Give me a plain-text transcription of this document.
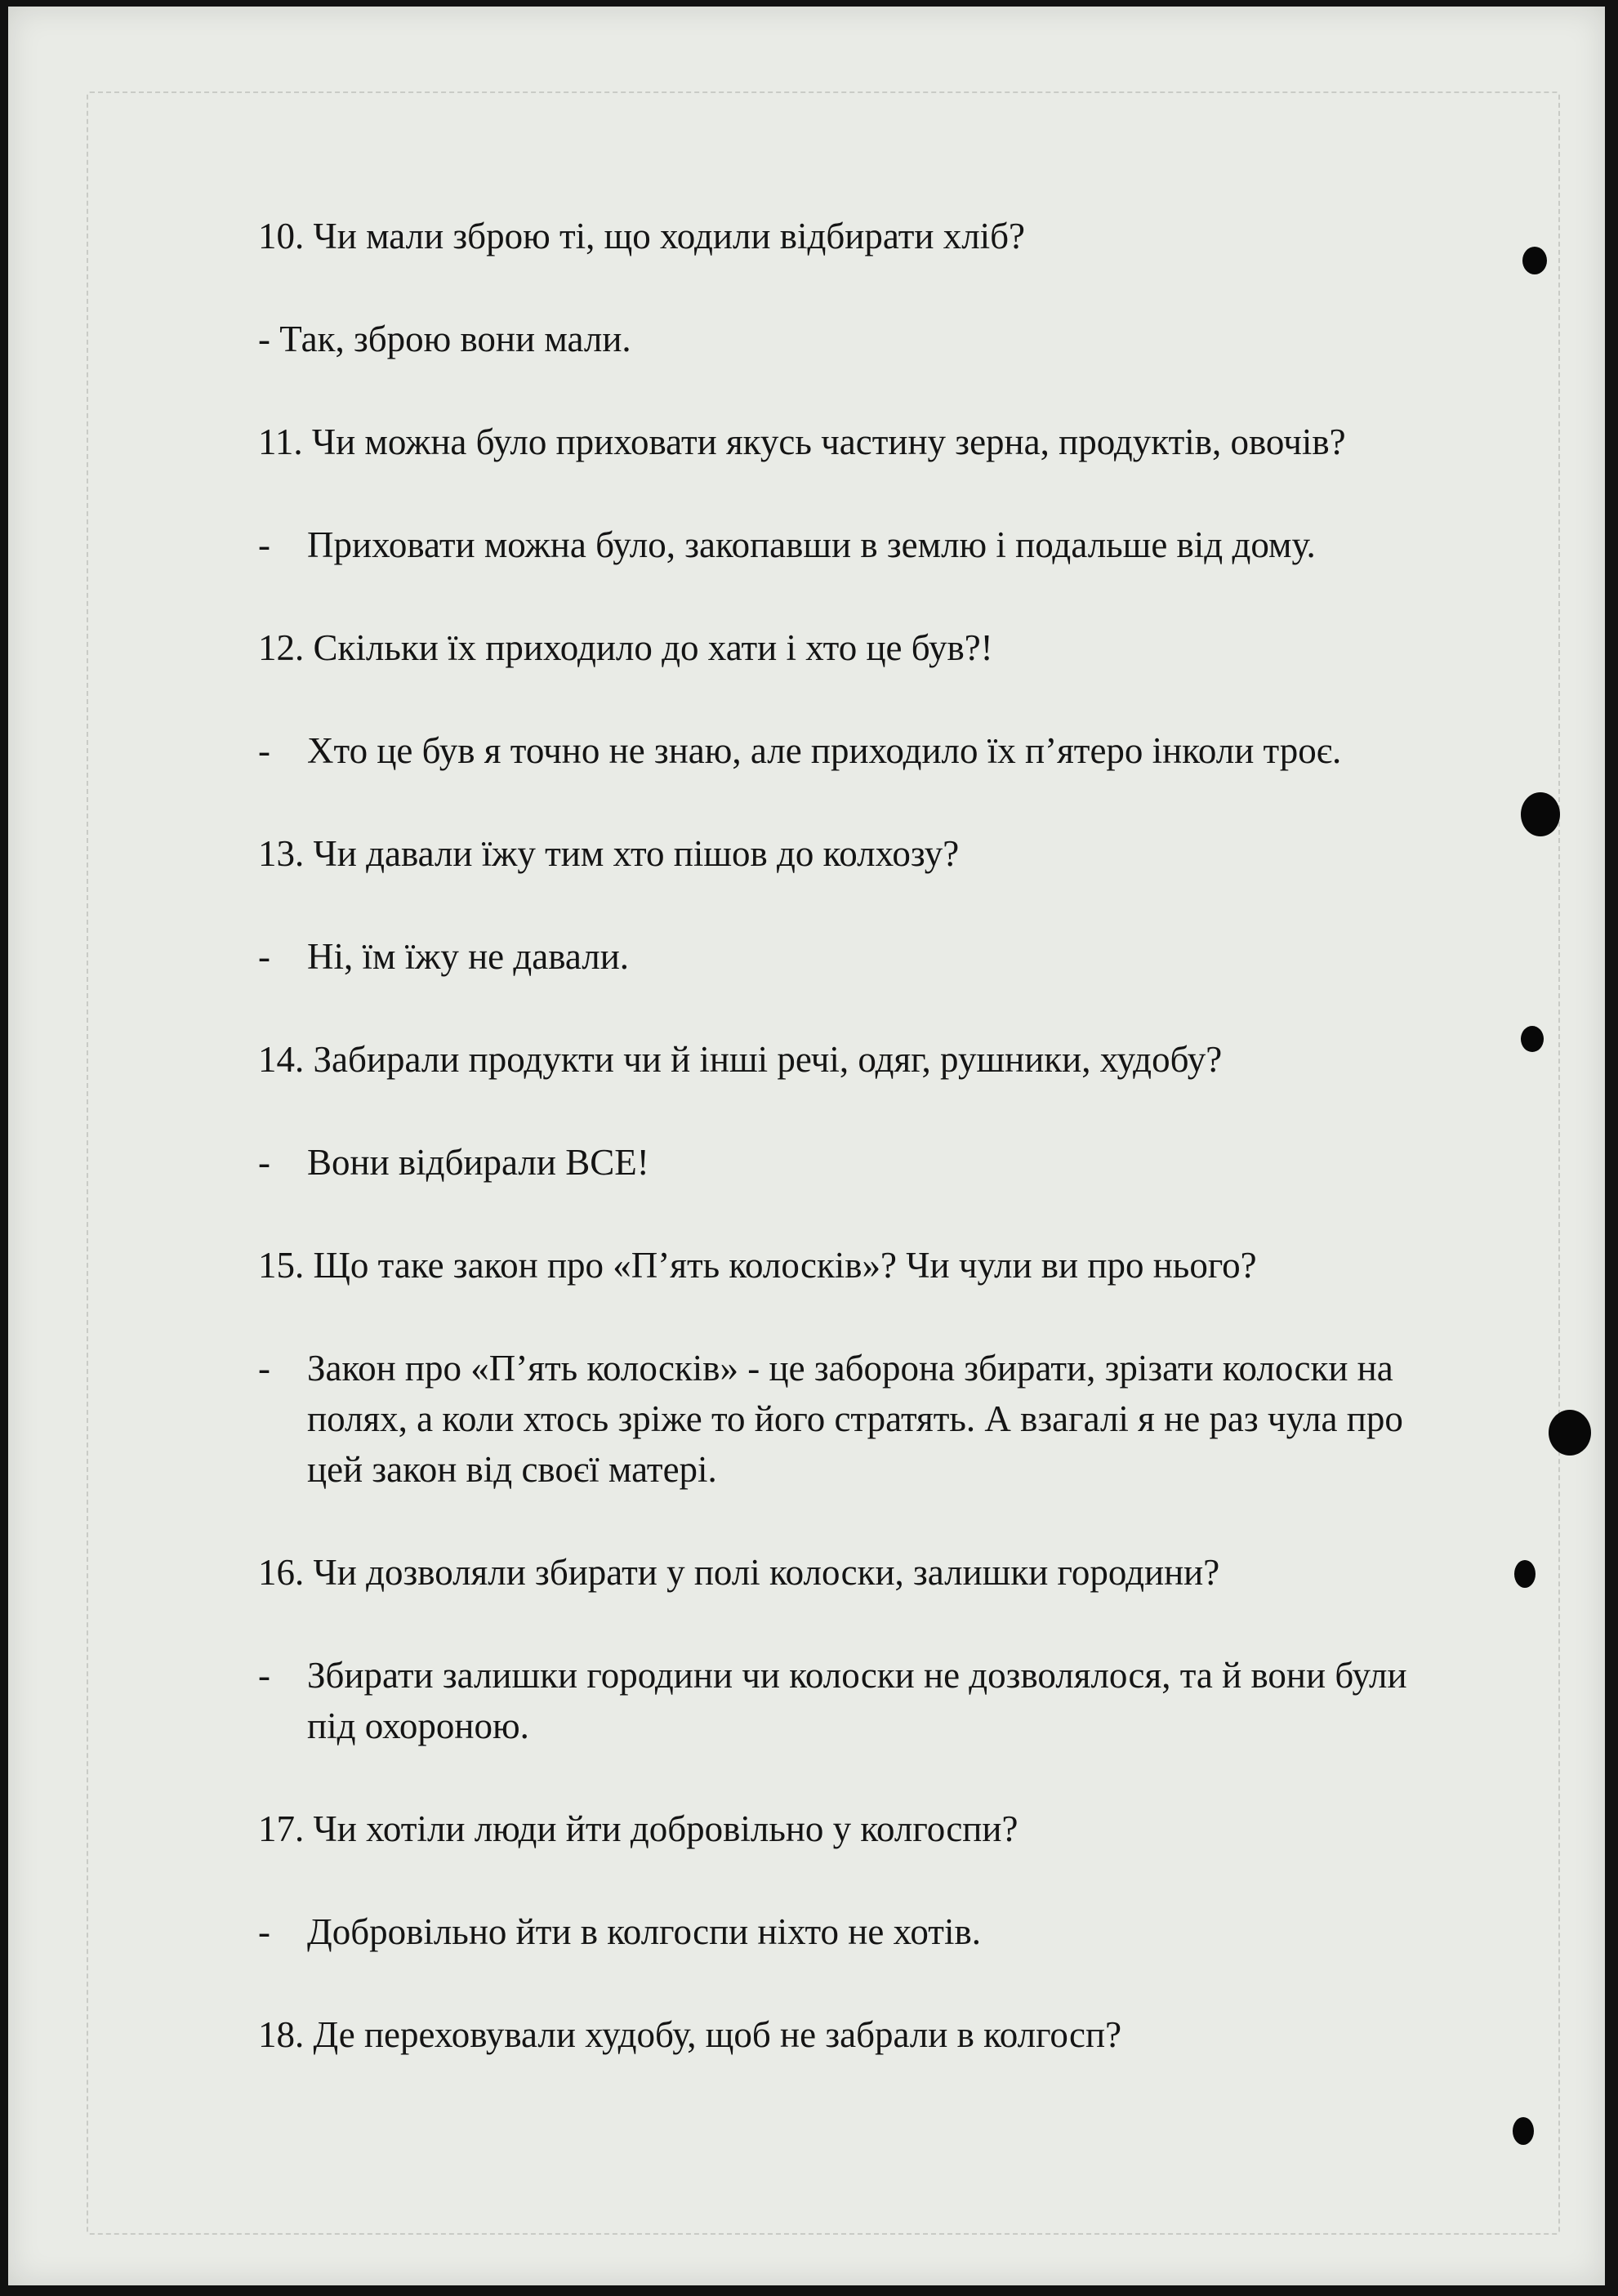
10. Чи мали зброю ті, що ходили відбирати хліб?

- Так, зброю вони мали.

11. Чи можна було приховати якусь частину зерна, продуктів, овочів?

- Приховати можна було, закопавши в землю і подальше від дому.

12. Скільки їх приходило до хати і хто це був?!

- Хто це був я точно не знаю, але приходило їх п’ятеро інколи троє.

13. Чи давали їжу тим хто пішов до колхозу?

- Ні, їм їжу не давали.

14. Забирали продукти чи й інші речі, одяг, рушники, худобу?

- Вони відбирали ВСЕ!

15. Що таке закон про «П’ять колосків»? Чи чули ви про нього?

- Закон про «П’ять колосків» - це заборона збирати, зрізати колоски на полях, а коли хтось зріже то його стратять. А взагалі я не раз чула про цей закон від своєї матері.

16. Чи дозволяли збирати у полі колоски, залишки городини?

- Збирати залишки городини чи колоски не дозволялося, та й вони були під охороною.

17. Чи хотіли люди йти добровільно у колгоспи?

- Добровільно йти в колгоспи ніхто не хотів.

18. Де переховували худобу, щоб не забрали в колгосп?
